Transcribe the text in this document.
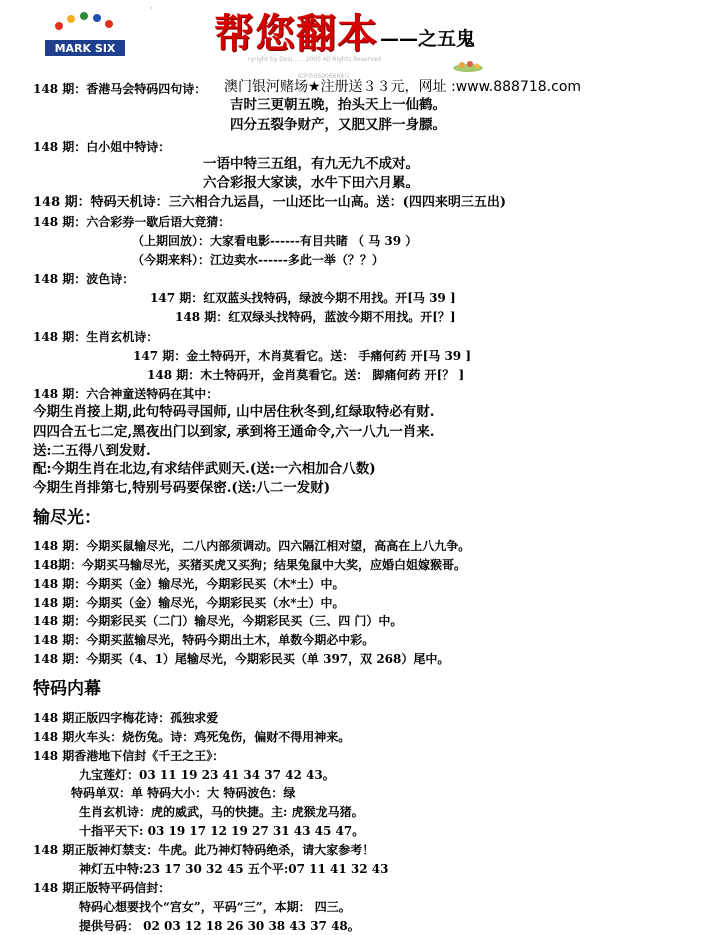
MARK SIX
·
帮您翻本 ——之五鬼
ryright by Desi... ...2005 All Rights Reserved
ICP备05006668号
148 期：香港马会特码四句诗： 澳门银河赌场★注册送３３元，网址 :www.888718.com
吉时三更朝五晚，抬头天上一仙鹤。
四分五裂争财产，又肥又胖一身膘。
148 期：白小姐中特诗：
一语中特三五组，有九无九不成对。
六合彩报大家读，水牛下田六月累。
148 期：特码天机诗：三六相合九运昌，一山还比一山高。送：(四四来明三五出)
148 期：六合彩券一歇后语大竞猜：
（上期回放）：大家看电影------有目共睹 （ 马 39 ）
（今期来料）：江边卖水------多此一举（？？）
148 期：波色诗：
147 期：红双蓝头找特码，绿波今期不用找。开[马 39 ]
148 期：红双绿头找特码，蓝波今期不用找。开[？]
148 期：生肖玄机诗：
147 期：金土特码开，木肖莫看它。送： 手痛何药 开[马 39 ]
148 期：木土特码开，金肖莫看它。送： 脚痛何药 开[？ ]
148 期：六合神童送特码在其中：
今期生肖接上期,此句特码寻国师, 山中居住秋冬到,红绿取特必有财.
四四合五七二定,黑夜出门以到家, 承到将王通命令,六一八九一肖来.
送:二五得八到发财.
配:今期生肖在北边,有求结伴武则天.(送:一六相加合八数)
今期生肖排第七,特别号码要保密.(送:八二一发财)
输尽光：
148 期：今期买鼠输尽光，二八内部须调动。四六隔江相对望，高高在上八九争。
148期：今期买马输尽光，买猪买虎又买狗；结果兔鼠中大奖，应婚白姐嫁猴哥。
148 期：今期买（金）输尽光，今期彩民买（木*土）中。
148 期：今期买（金）输尽光，今期彩民买（水*土）中。
148 期：今期彩民买（二门）输尽光，今期彩民买（三、四 门）中。
148 期：今期买蓝输尽光，特码今期出土木，单数今期必中彩。
148 期：今期买（4、1）尾输尽光，今期彩民买（单 397，双 268）尾中。
特码内幕
148 期正版四字梅花诗：孤独求爱
148 期火车头：烧伤兔。诗：鸡死兔伤，偏财不得用神来。
148 期香港地下信封《千王之王》：
九宝莲灯：03 11 19 23 41 34 37 42 43。
特码单双：单 特码大小：大 特码波色：绿
生肖玄机诗：虎的威武，马的快捷。主: 虎猴龙马猪。
十指平天下: 03 19 17 12 19 27 31 43 45 47。
148 期正版神灯禁支：牛虎。此乃神灯特码绝杀，请大家参考！
神灯五中特:23 17 30 32 45 五个平:07 11 41 32 43
148 期正版特平码信封：
特码心想要找个“宫女”，平码“三”，本期： 四三。
提供号码： 02 03 12 18 26 30 38 43 37 48。
